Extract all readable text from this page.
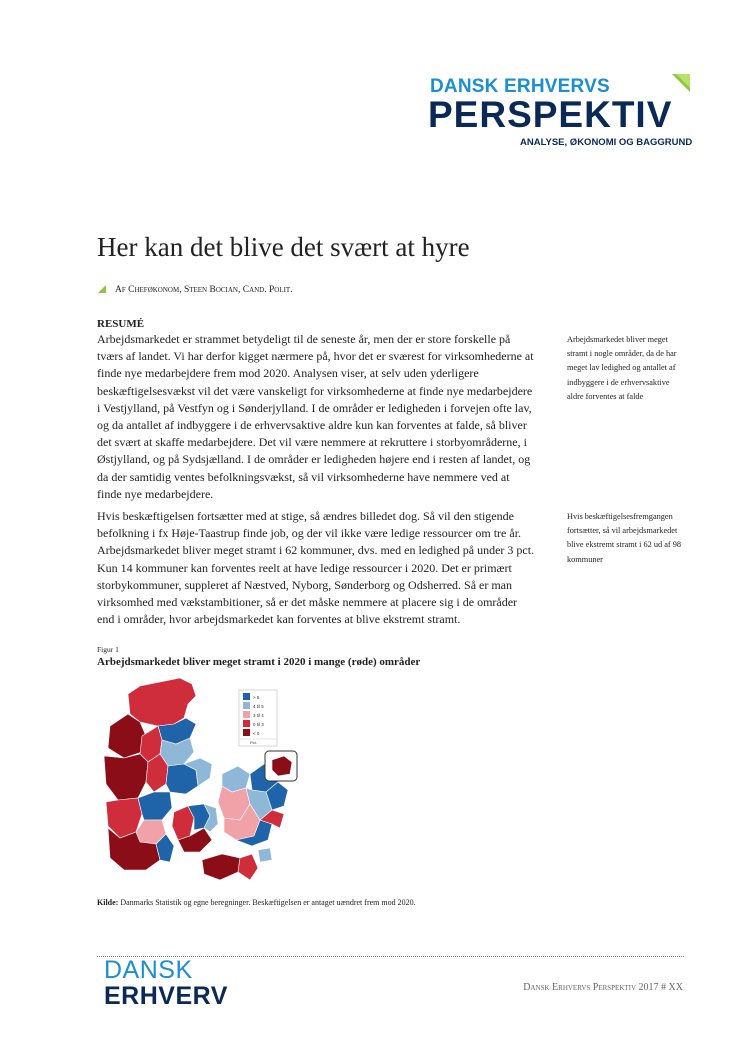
DANSK ERHVERVS
PERSPEKTIV
ANALYSE, ØKONOMI OG BAGGRUND
Her kan det blive det svært at hyre
Af Cheføkonom, Steen Bocian, Cand. Polit.
RESUMÉ
Arbejdsmarkedet er strammet betydeligt til de seneste år, men der er store forskelle på tværs af landet. Vi har derfor kigget nærmere på, hvor det er sværest for virksomhederne at finde nye medarbejdere frem mod 2020. Analysen viser, at selv uden yderligere beskæftigelsesvækst vil det være vanskeligt for virksomhederne at finde nye medarbejdere i Vestjylland, på Vestfyn og i Sønderjylland. I de områder er ledigheden i forvejen ofte lav, og da antallet af indbyggere i de erhvervsaktive aldre kun kan forventes at falde, så bliver det svært at skaffe medarbejdere. Det vil være nemmere at rekruttere i storbyområderne, i Østjylland, og på Sydsjælland. I de områder er ledigheden højere end i resten af landet, og da der samtidig ventes befolkningsvækst, så vil virksomhederne have nemmere ved at finde nye medarbejdere.
Hvis beskæftigelsen fortsætter med at stige, så ændres billedet dog. Så vil den stigende befolkning i fx Høje-Taastrup finde job, og der vil ikke være ledige ressourcer om tre år. Arbejdsmarkedet bliver meget stramt i 62 kommuner, dvs. med en ledighed på under 3 pct. Kun 14 kommuner kan forventes reelt at have ledige ressourcer i 2020. Det er primært storbykommuner, suppleret af Næstved, Nyborg, Sønderborg og Odsherred. Så er man virksomhed med vækstambitioner, så er det måske nemmere at placere sig i de områder end i områder, hvor arbejdsmarkedet kan forventes at blive ekstremt stramt.
Arbejdsmarkedet bliver meget stramt i nogle områder, da de har meget lav ledighed og antallet af indbyggere i de erhvervsaktive aldre forventes at falde
Hvis beskæftigelsesfremgangen fortsætter, så vil arbejdsmarkedet blive ekstremt stramt i 62 ud af 98 kommuner
Figur 1
Arbejdsmarkedet bliver meget stramt i 2020 i mange (røde) områder
> 5
4 til 5
3 til 4
0 til 3
< 0
Pct.
Kilde: Danmarks Statistik og egne beregninger. Beskæftigelsen er antaget uændret frem mod 2020.
DANSK
ERHVERV	Dansk Erhvervs Perspektiv 2017 # XX
